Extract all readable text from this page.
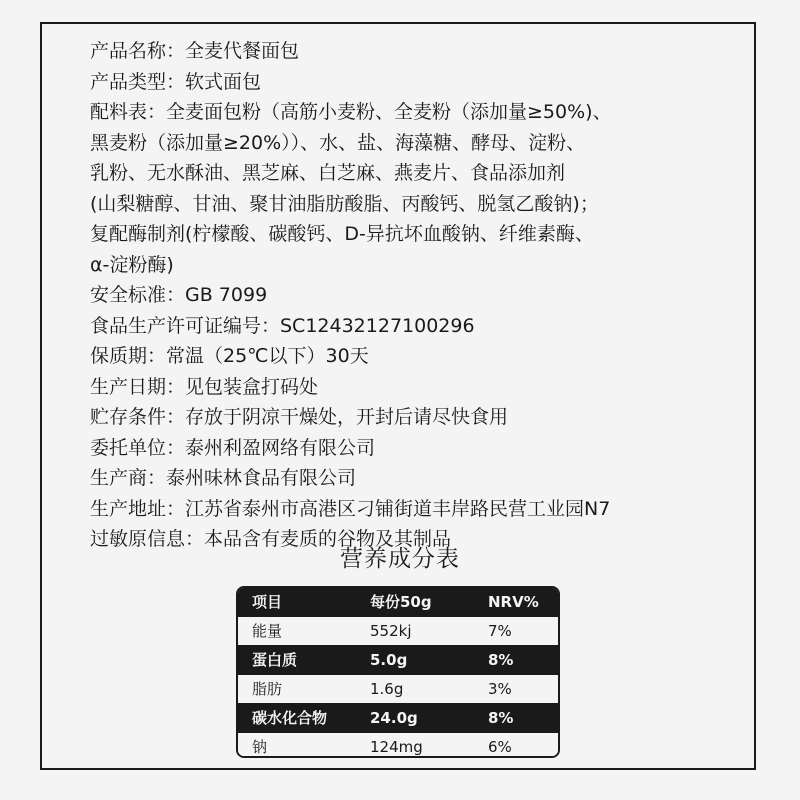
产品名称：全麦代餐面包
产品类型：软式面包
配料表：全麦面包粉（高筋小麦粉、全麦粉（添加量≥50%)、
黑麦粉（添加量≥20%））、水、盐、海藻糖、酵母、淀粉、
乳粉、无水酥油、黑芝麻、白芝麻、燕麦片、食品添加剂
(山梨糖醇、甘油、聚甘油脂肪酸脂、丙酸钙、脱氢乙酸钠)；
复配酶制剂(柠檬酸、碳酸钙、D-异抗坏血酸钠、纤维素酶、
α-淀粉酶)
安全标准：GB 7099
食品生产许可证编号：SC12432127100296
保质期：常温（25℃以下）30天
生产日期：见包装盒打码处
贮存条件：存放于阴凉干燥处，开封后请尽快食用
委托单位：泰州利盈网络有限公司
生产商：泰州味林食品有限公司
生产地址：江苏省泰州市高港区刁铺街道丰岸路民营工业园N7
过敏原信息：本品含有麦质的谷物及其制品
营养成分表
项目	每份50g	NRV%
能量	552kj	7%
蛋白质	5.0g	8%
脂肪	1.6g	3%
碳水化合物	24.0g	8%
钠	124mg	6%
